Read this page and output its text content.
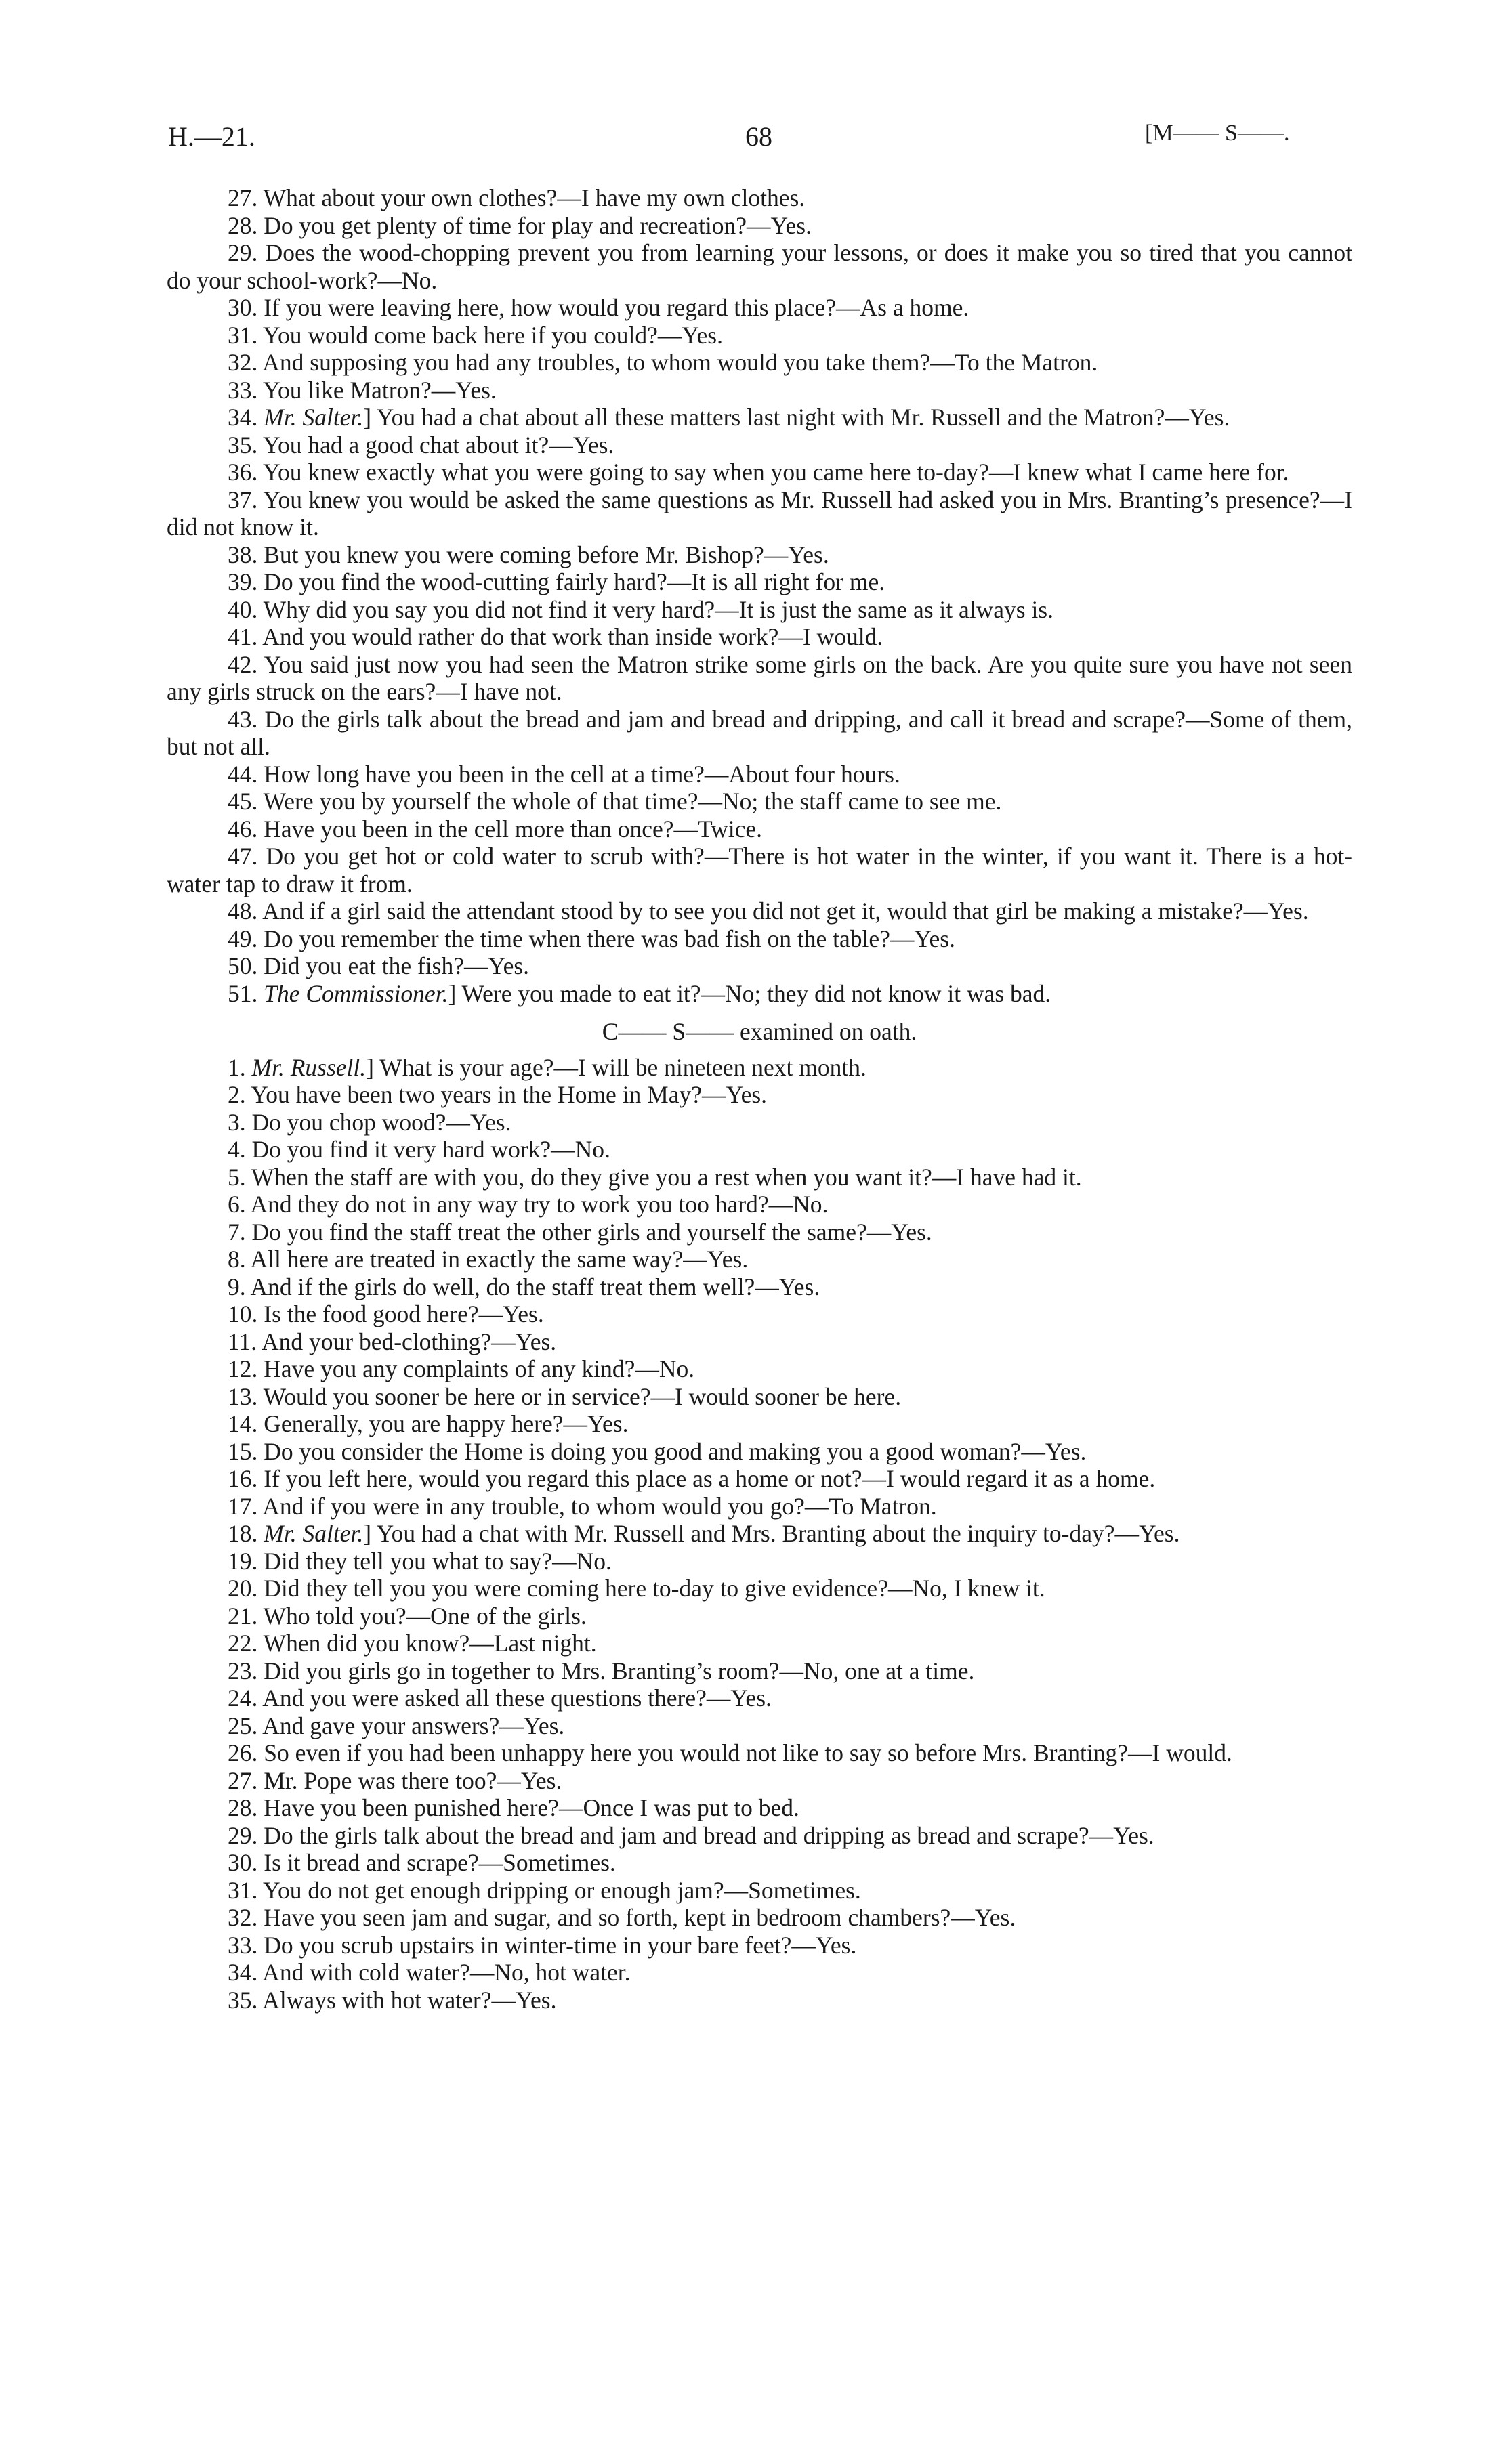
H.—21.	68	[M—— S——.

27. What about your own clothes?—I have my own clothes.

28. Do you get plenty of time for play and recreation?—Yes.

29. Does the wood-chopping prevent you from learning your lessons, or does it make you so tired that you cannot do your school-work?—No.

30. If you were leaving here, how would you regard this place?—As a home.

31. You would come back here if you could?—Yes.

32. And supposing you had any troubles, to whom would you take them?—To the Matron.

33. You like Matron?—Yes.

34. Mr. Salter.] You had a chat about all these matters last night with Mr. Russell and the Matron?—Yes.

35. You had a good chat about it?—Yes.

36. You knew exactly what you were going to say when you came here to-day?—I knew what I came here for.

37. You knew you would be asked the same questions as Mr. Russell had asked you in Mrs. Branting’s presence?—I did not know it.

38. But you knew you were coming before Mr. Bishop?—Yes.

39. Do you find the wood-cutting fairly hard?—It is all right for me.

40. Why did you say you did not find it very hard?—It is just the same as it always is.

41. And you would rather do that work than inside work?—I would.

42. You said just now you had seen the Matron strike some girls on the back. Are you quite sure you have not seen any girls struck on the ears?—I have not.

43. Do the girls talk about the bread and jam and bread and dripping, and call it bread and scrape?—Some of them, but not all.

44. How long have you been in the cell at a time?—About four hours.

45. Were you by yourself the whole of that time?—No; the staff came to see me.

46. Have you been in the cell more than once?—Twice.

47. Do you get hot or cold water to scrub with?—There is hot water in the winter, if you want it. There is a hot-water tap to draw it from.

48. And if a girl said the attendant stood by to see you did not get it, would that girl be making a mistake?—Yes.

49. Do you remember the time when there was bad fish on the table?—Yes.

50. Did you eat the fish?—Yes.

51. The Commissioner.] Were you made to eat it?—No; they did not know it was bad.

C—— S—— examined on oath.

1. Mr. Russell.] What is your age?—I will be nineteen next month.

2. You have been two years in the Home in May?—Yes.

3. Do you chop wood?—Yes.

4. Do you find it very hard work?—No.

5. When the staff are with you, do they give you a rest when you want it?—I have had it.

6. And they do not in any way try to work you too hard?—No.

7. Do you find the staff treat the other girls and yourself the same?—Yes.

8. All here are treated in exactly the same way?—Yes.

9. And if the girls do well, do the staff treat them well?—Yes.

10. Is the food good here?—Yes.

11. And your bed-clothing?—Yes.

12. Have you any complaints of any kind?—No.

13. Would you sooner be here or in service?—I would sooner be here.

14. Generally, you are happy here?—Yes.

15. Do you consider the Home is doing you good and making you a good woman?—Yes.

16. If you left here, would you regard this place as a home or not?—I would regard it as a home.

17. And if you were in any trouble, to whom would you go?—To Matron.

18. Mr. Salter.] You had a chat with Mr. Russell and Mrs. Branting about the inquiry to-day?—Yes.

19. Did they tell you what to say?—No.

20. Did they tell you you were coming here to-day to give evidence?—No, I knew it.

21. Who told you?—One of the girls.

22. When did you know?—Last night.

23. Did you girls go in together to Mrs. Branting’s room?—No, one at a time.

24. And you were asked all these questions there?—Yes.

25. And gave your answers?—Yes.

26. So even if you had been unhappy here you would not like to say so before Mrs. Branting?—I would.

27. Mr. Pope was there too?—Yes.

28. Have you been punished here?—Once I was put to bed.

29. Do the girls talk about the bread and jam and bread and dripping as bread and scrape?—Yes.

30. Is it bread and scrape?—Sometimes.

31. You do not get enough dripping or enough jam?—Sometimes.

32. Have you seen jam and sugar, and so forth, kept in bedroom chambers?—Yes.

33. Do you scrub upstairs in winter-time in your bare feet?—Yes.

34. And with cold water?—No, hot water.

35. Always with hot water?—Yes.
